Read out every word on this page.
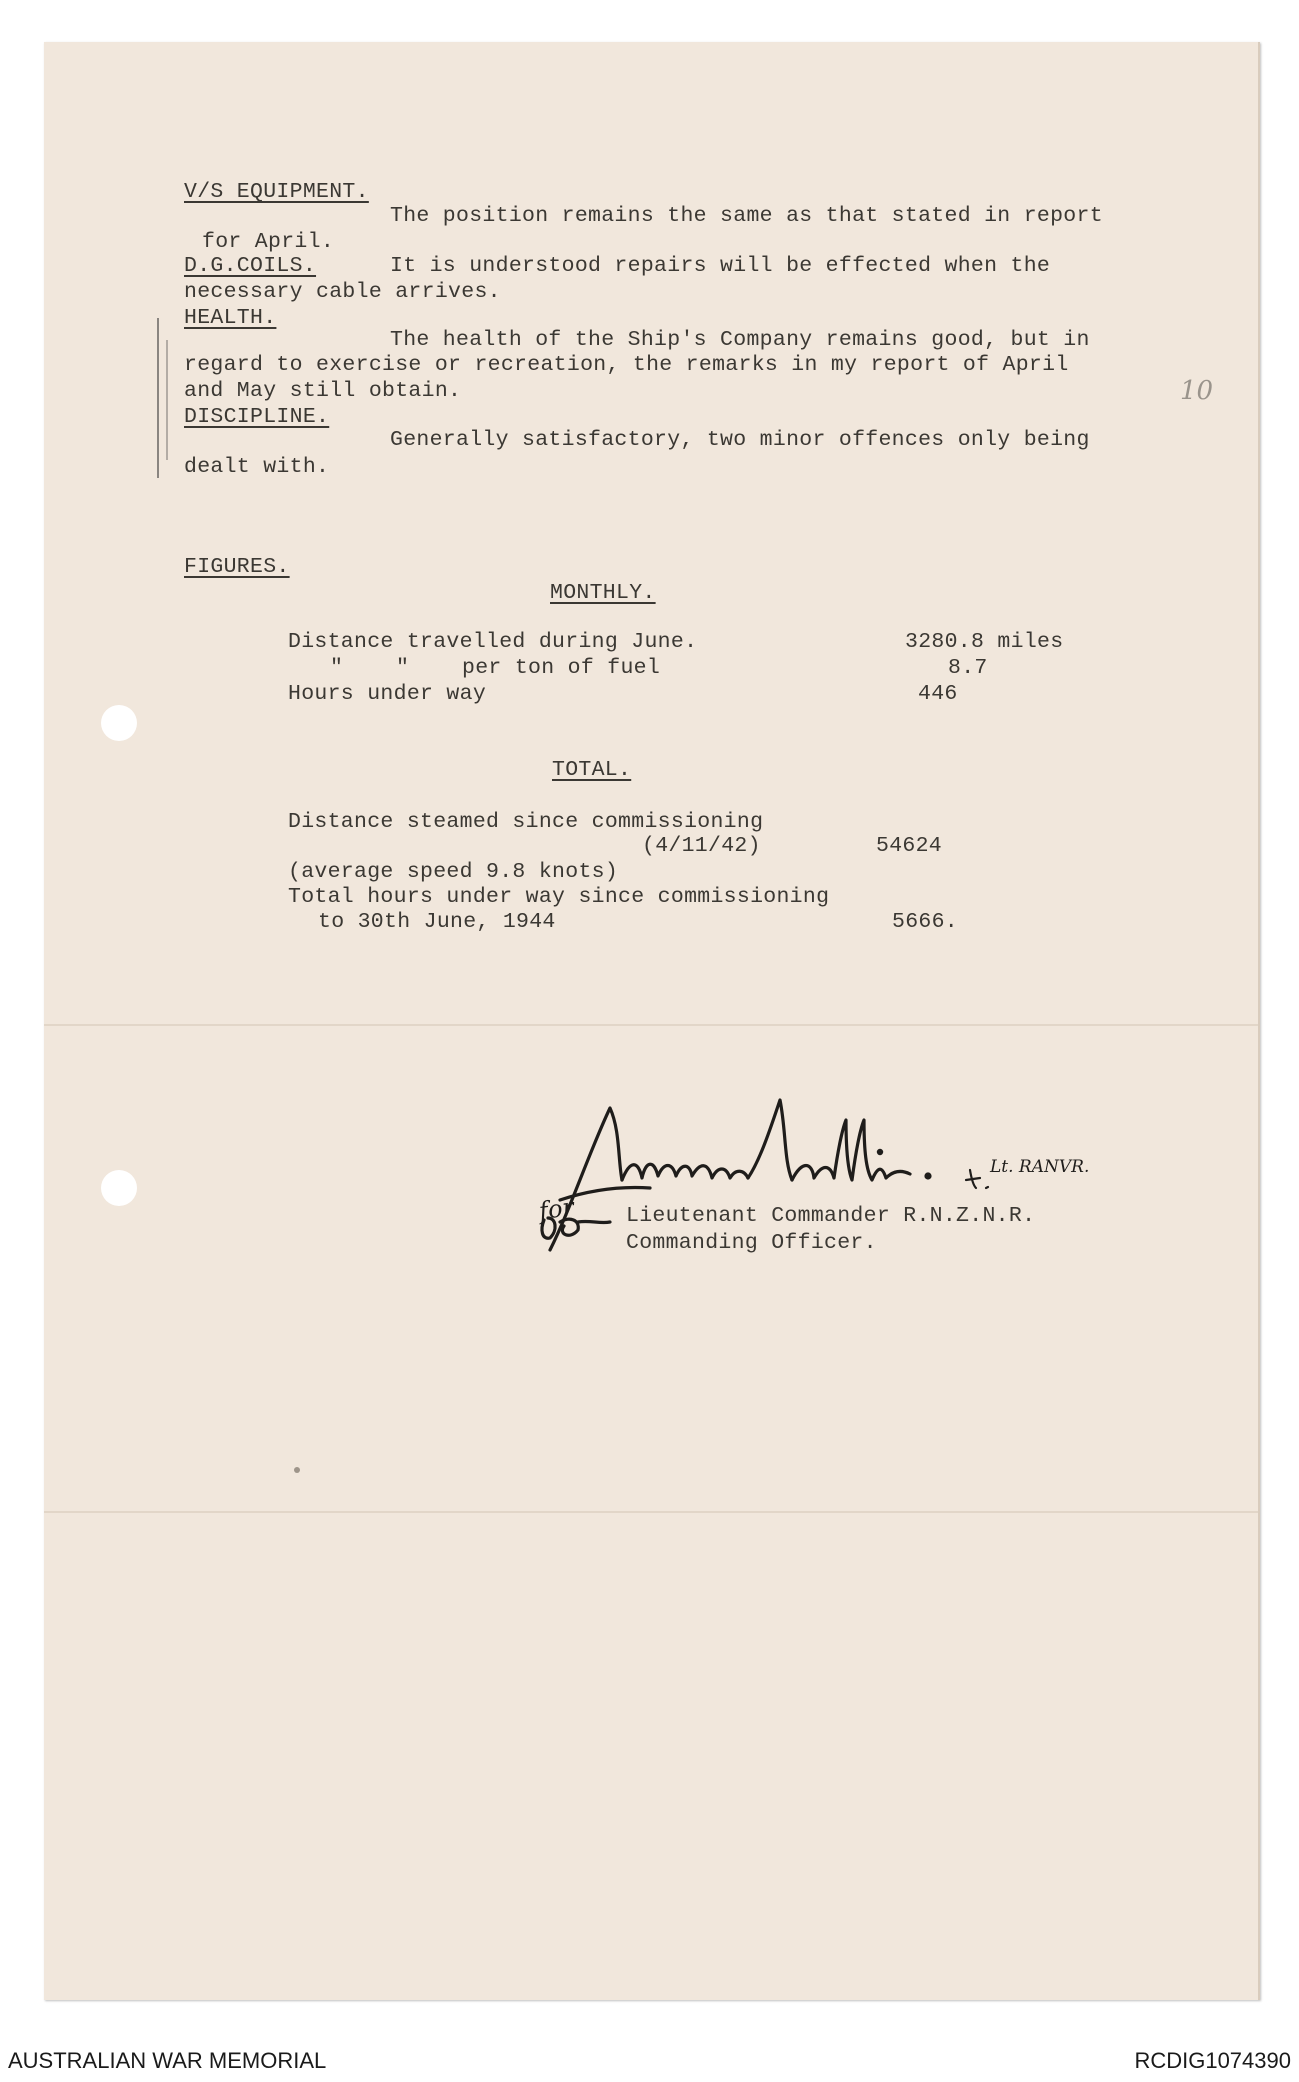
10
V/S EQUIPMENT.
The position remains the same as that stated in report
for April.
D.G.COILS.	It is understood repairs will be effected when the
necessary cable arrives.
HEALTH.
The health of the Ship's Company remains good, but in
regard to exercise or recreation, the remarks in my report of April
and May still obtain.
DISCIPLINE.
Generally satisfactory, two minor offences only being
dealt with.
FIGURES.
MONTHLY.
Distance travelled during June.	3280.8 miles
"    "    per ton of fuel	8.7
Hours under way	446
TOTAL.
Distance steamed since commissioning
(4/11/42)	54624
(average speed 9.8 knots)
Total hours under way since commissioning
to 30th June, 1944	5666.
Lt. RANVR.
for Lieutenant Commander R.N.Z.N.R.
Commanding Officer.
AUSTRALIAN WAR MEMORIAL	RCDIG1074390
